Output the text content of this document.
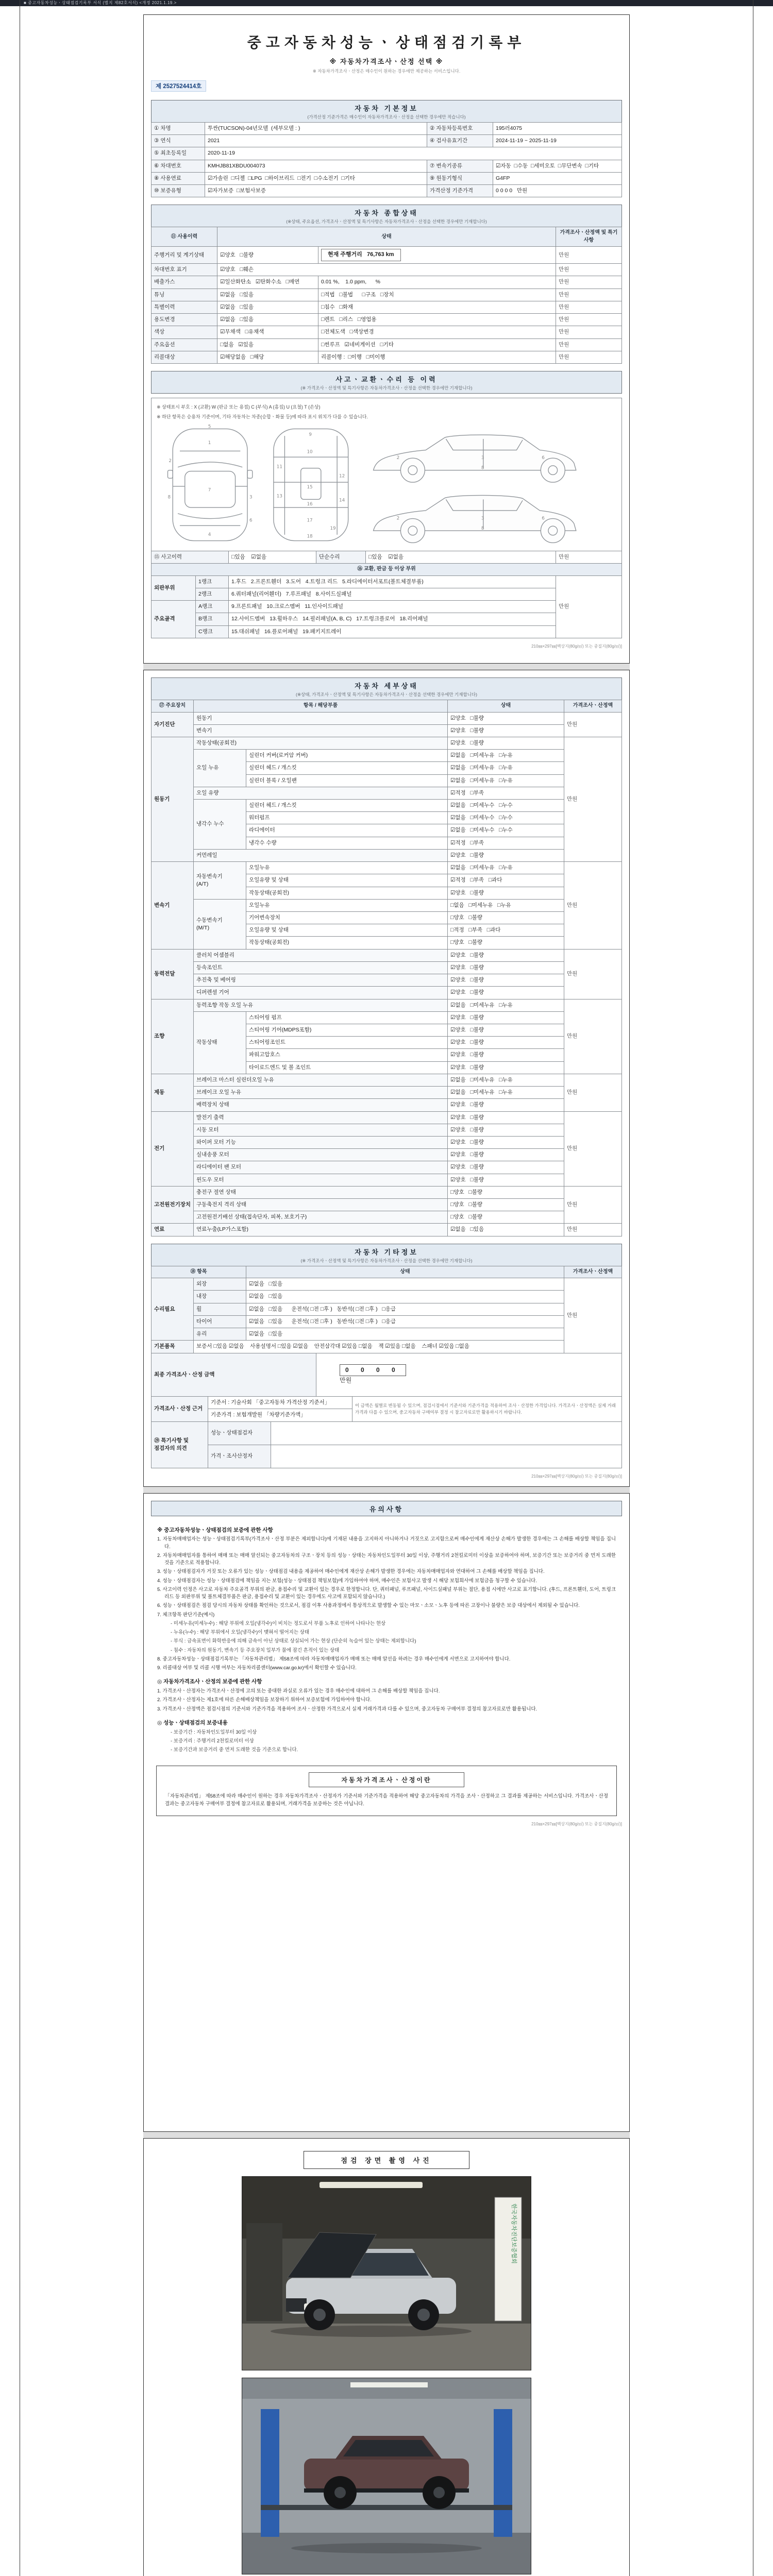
■ 중고자동차성능ㆍ상태점검기록부 서식 (별지 제82호서식) <개정 2021.1.19.>
중고자동차성능ㆍ상태점검기록부
※ 자동차가격조사ㆍ산정 선택 ※
※ 자동차가격조사ㆍ산정은 매수인이 원하는 경우에만 제공하는 서비스입니다.
제 2527524414호
자동차 기본정보
(가격산정 기준가격은 매수인이 자동차가격조사ㆍ산정을 선택한 경우에만 적습니다)
① 차명	투싼(TUCSON)-04년모델  (세부모델 : )	② 자동차등록번호	195러4075
③ 연식	2021	④ 검사유효기간	2024-11-19 ~ 2025-11-19
⑤ 최초등록일	2020-11-19		
⑥ 차대번호	KMHJB81XBDU004073	⑦ 변속기종류	☑자동  □수동  □세미오토  □무단변속  □기타
⑧ 사용연료	☑가솔린  □디젤  □LPG  □하이브리드  □전기  □수소전기  □기타	⑨ 원동기형식	G4FP
⑩ 보증유형	☑자가보증  □보험사보증	가격산정 기준가격	0 0 0 0   만원
자동차 종합상태
(※상태, 주요옵션, 가격조사ㆍ산정액 및 특기사항은 자동차가격조사ㆍ산정을 선택한 경우에만 기재합니다)
⑪ 사용이력	상태		가격조사ㆍ산정액 및 특기사항
주행거리 및 계기상태	☑양호   □불량	현재 주행거리   76,763 km	만원
차대번호 표기	☑양호   □훼손		만원
배출가스	☑일산화탄소   ☑탄화수소   □매연	0.01 %,    1.0 ppm,      %	만원
튜닝	☑없음   □있음	□적법   □불법      □구조   □장치	만원
특별이력	☑없음   □있음	□침수   □화재	만원
용도변경	☑없음   □있음	□렌트   □리스   □영업용	만원
색상	☑무채색   □유채색	□전체도색   □색상변경	만원
주요옵션	□없음   ☑있음	□썬루프   ☑네비게이션   □기타	만원
리콜대상	☑해당없음   □해당	리콜이행 :  □이행   □미이행	만원
사고ㆍ교환ㆍ수리 등 이력
(※ 가격조사ㆍ산정액 및 특기사항은 자동차가격조사ㆍ산정을 선택한 경우에만 기재합니다)
※ 상태표시 부호 : X (교환) W (판금 또는 용접) C (부식) A (흠집) U (요철) T (손상)
※ 하단 항목은 승용차 기준이며, 기타 자동차는 차종(승합ㆍ화물 등)에 따라 표시 위치가 다를 수 있습니다.
1
2
3
4
5
6
7
8
9
10
11
12
13
14
15
16
17
18
19
2	3	6
8
2	3	6
8
⑮ 사고이력	□있음    ☑없음	단순수리	□있음    ☑없음	만원
⑯ 교환, 판금 등 이상 부위			
외판부위	1랭크	1.후드   2.프론트휀더   3.도어   4.트렁크 리드   5.라디에이터서포트(볼트체결부품)	만원
	2랭크	6.쿼터패널(리어휀더)   7.루프패널   8.사이드실패널	
주요골격	A랭크	9.프론트패널   10.크로스멤버   11.인사이드패널	
	B랭크	12.사이드멤버   13.휠하우스   14.필러패널(A, B, C)   17.트렁크플로어   18.리어패널	
	C랭크	15.대쉬패널   16.플로어패널   19.패키지트레이	
210㎜×297㎜[백상지(80g/㎡) 또는 중질지(80g/㎡)]
자동차 세부상태
(※상태, 가격조사ㆍ산정액 및 특기사항은 자동차가격조사ㆍ산정을 선택한 경우에만 기재합니다)
⑰ 주요장치	항목 / 해당부품		상태	가격조사ㆍ산정액
자기진단	원동기		☑양호   □불량	만원
	변속기		☑양호   □불량	
원동기	작동상태(공회전)		☑양호   □불량	만원
	오일 누유	실린더 커버(로커암 커버)	☑없음   □미세누유   □누유	
		실린더 헤드 / 개스킷	☑없음   □미세누유   □누유	
		실린더 블록 / 오일팬	☑없음   □미세누유   □누유	
	오일 유량		☑적정   □부족	
	냉각수 누수	실린더 헤드 / 개스킷	☑없음   □미세누수   □누수	
		워터펌프	☑없음   □미세누수   □누수	
		라디에이터	☑없음   □미세누수   □누수	
		냉각수 수량	☑적정   □부족	
	커먼레일		☑양호   □불량	
변속기	자동변속기
(A/T)	오일누유	☑없음   □미세누유   □누유	만원
		오일유량 및 상태	☑적정   □부족   □과다	
		작동상태(공회전)	☑양호   □불량	
	수동변속기
(M/T)	오일누유	□없음   □미세누유   □누유	
		기어변속장치	□양호   □불량	
		오일유량 및 상태	□적정   □부족   □과다	
		작동상태(공회전)	□양호   □불량	
동력전달	클러치 어셈블리		☑양호   □불량	만원
	등속조인트		☑양호   □불량	
	추진축 및 베어링		☑양호   □불량	
	디퍼렌셜 기어		☑양호   □불량	
조향	동력조향 작동 오일 누유		☑없음   □미세누유   □누유	만원
	작동상태	스티어링 펌프	☑양호   □불량	
		스티어링 기어(MDPS포함)	☑양호   □불량	
		스티어링조인트	☑양호   □불량	
		파워고압호스	☑양호   □불량	
		타이로드엔드 및 볼 조인트	☑양호   □불량	
제동	브레이크 마스터 실린더오일 누유		☑없음   □미세누유   □누유	만원
	브레이크 오일 누유		☑없음   □미세누유   □누유	
	배력장치 상태		☑양호   □불량	
전기	발전기 출력		☑양호   □불량	만원
	시동 모터		☑양호   □불량	
	와이퍼 모터 기능		☑양호   □불량	
	실내송풍 모터		☑양호   □불량	
	라디에이터 팬 모터		☑양호   □불량	
	윈도우 모터		☑양호   □불량	
고전원전기장치	충전구 절연 상태		□양호   □불량	만원
	구동축전지 격리 상태		□양호   □불량	
	고전원전기배선 상태(접속단자, 피복, 보호기구)		□양호   □불량	
연료	연료누출(LP가스포함)		☑없음   □있음	만원
자동차 기타정보
(※ 가격조사ㆍ산정액 및 특기사항은 자동차가격조사ㆍ산정을 선택한 경우에만 기재합니다)
⑱ 항목		상태	가격조사ㆍ산정액
수리필요	외장	☑없음   □있음	만원
	내장	☑없음   □있음	
	휠	☑없음   □있음      운전석( □전 □후 )   동반석( □전 □후 )   □응급	
	타이어	☑없음   □있음      운전석( □전 □후 )   동반석( □전 □후 )   □응급	
	유리	☑없음   □있음	
기본품목	보증서 □있음 ☑없음    사용설명서 □있음 ☑없음    안전삼각대 ☑있음 □없음    잭 ☑있음 □없음    스패너 ☑있음 □없음		
최종 가격조사ㆍ산정 금액	
0 0 0 0
만원

가격조사ㆍ산정 근거	기준서 : 기술사회 「중고자동차 가격산정 기준서」	이 금액은 월별로 변동될 수 있으며, 점검시점에서 기준서와 기준가격을 적용하여 조사ㆍ산정한 가격입니다. 가격조사ㆍ산정액은 실제 거래가격과 다를 수 있으며, 중고자동차 구매여부 결정 시 참고자료로만 활용하시기 바랍니다.
기준가격 : 보험개발원 「차량기준가액」
⑲ 특기사항 및
점검자의 의견	성능ㆍ상태점검자	
	가격ㆍ조사산정자	
210㎜×297㎜[백상지(80g/㎡) 또는 중질지(80g/㎡)]
유의사항
※ 중고자동차성능ㆍ상태점검의 보증에 관한 사항
1. 자동차매매업자는 성능ㆍ상태점검기록부(가격조사ㆍ산정 부분은 제외합니다)에 기재된 내용을 고지하지 아니하거나 거짓으로 고지함으로써 매수인에게 재산상 손해가 발생한 경우에는 그 손해를 배상할 책임을 집니다.
2. 자동차매매업자를 통하여 매매 또는 매매 알선되는 중고자동차의 구조ㆍ장치 등의 성능ㆍ상태는 자동차인도일부터 30일 이상, 주행거리 2천킬로미터 이상을 보증하여야 하며, 보증기간 또는 보증거리 중 먼저 도래한 것을 기준으로 적용합니다.
3. 성능ㆍ상태점검자가 거짓 또는 오류가 있는 성능ㆍ상태점검 내용을 제공하여 매수인에게 재산상 손해가 발생한 경우에는 자동차매매업자와 연대하여 그 손해를 배상할 책임을 집니다.
4. 성능ㆍ상태점검자는 성능ㆍ상태점검에 책임을 지는 보험(성능ㆍ상태점검 책임보험)에 가입하여야 하며, 매수인은 보험사고 발생 시 해당 보험회사에 보험금을 청구할 수 있습니다.
5. 사고이력 인정은 사고로 자동차 주요골격 부위의 판금, 용접수리 및 교환이 있는 경우로 한정합니다. 단, 쿼터패널, 루프패널, 사이드실패널 부위는 절단, 용접 시에만 사고로 표기합니다. (후드, 프론트휀더, 도어, 트렁크리드 등 외판부위 및 볼트체결부품은 판금, 용접수리 및 교환이 있는 경우에도 사고에 포함되지 않습니다.)
6. 성능ㆍ상태점검은 점검 당시의 자동차 상태를 확인하는 것으로서, 점검 이후 사용과정에서 통상적으로 발생할 수 있는 마모ㆍ소모ㆍ노후 등에 따른 고장이나 불량은 보증 대상에서 제외될 수 있습니다.
7. 체크항목 판단기준(예시)
- 미세누유(미세누수) : 해당 부위에 오일(냉각수)이 비치는 정도로서 부품 노후로 인하여 나타나는 현상
- 누유(누수) : 해당 부위에서 오일(냉각수)이 맺혀서 떨어지는 상태
- 부식 : 금속표면이 화학반응에 의해 금속이 아닌 상태로 상실되어 가는 현상 (단순히 녹슬어 있는 상태는 제외합니다)
- 침수 : 자동차의 원동기, 변속기 등 주요장치 일부가 물에 잠긴 흔적이 있는 상태
8. 중고자동차성능ㆍ상태점검기록부는 「자동차관리법」 제58조에 따라 자동차매매업자가 매매 또는 매매 알선을 하려는 경우 매수인에게 서면으로 고지하여야 합니다.
9. 리콜대상 여부 및 리콜 시행 여부는 자동차리콜센터(www.car.go.kr)에서 확인할 수 있습니다.
◎ 자동차가격조사ㆍ산정의 보증에 관한 사항
1. 가격조사ㆍ산정자는 가격조사ㆍ산정에 고의 또는 중대한 과실로 오류가 있는 경우 매수인에 대하여 그 손해를 배상할 책임을 집니다.
2. 가격조사ㆍ산정자는 제1호에 따른 손해배상책임을 보장하기 위하여 보증보험에 가입하여야 합니다.
3. 가격조사ㆍ산정액은 점검시점의 기준서와 기준가격을 적용하여 조사ㆍ산정한 가격으로서 실제 거래가격과 다를 수 있으며, 중고자동차 구매여부 결정의 참고자료로만 활용됩니다.
◎ 성능ㆍ상태점검의 보증내용
- 보증기간 : 자동차인도일부터 30일 이상
- 보증거리 : 주행거리 2천킬로미터 이상
- 보증기간과 보증거리 중 먼저 도래한 것을 기준으로 합니다.
자동차가격조사ㆍ산정이란
「자동차관리법」 제58조에 따라 매수인이 원하는 경우 자동차가격조사ㆍ산정자가 기준서와 기준가격을 적용하여 해당 중고자동차의 가격을 조사ㆍ산정하고 그 결과를 제공하는 서비스입니다. 가격조사ㆍ산정 결과는 중고자동차 구매여부 결정에 참고자료로 활용되며, 거래가격을 보증하는 것은 아닙니다.
210㎜×297㎜[백상지(80g/㎡) 또는 중질지(80g/㎡)]
점검 장면 촬영 사진
한국자동차진단보증협회
